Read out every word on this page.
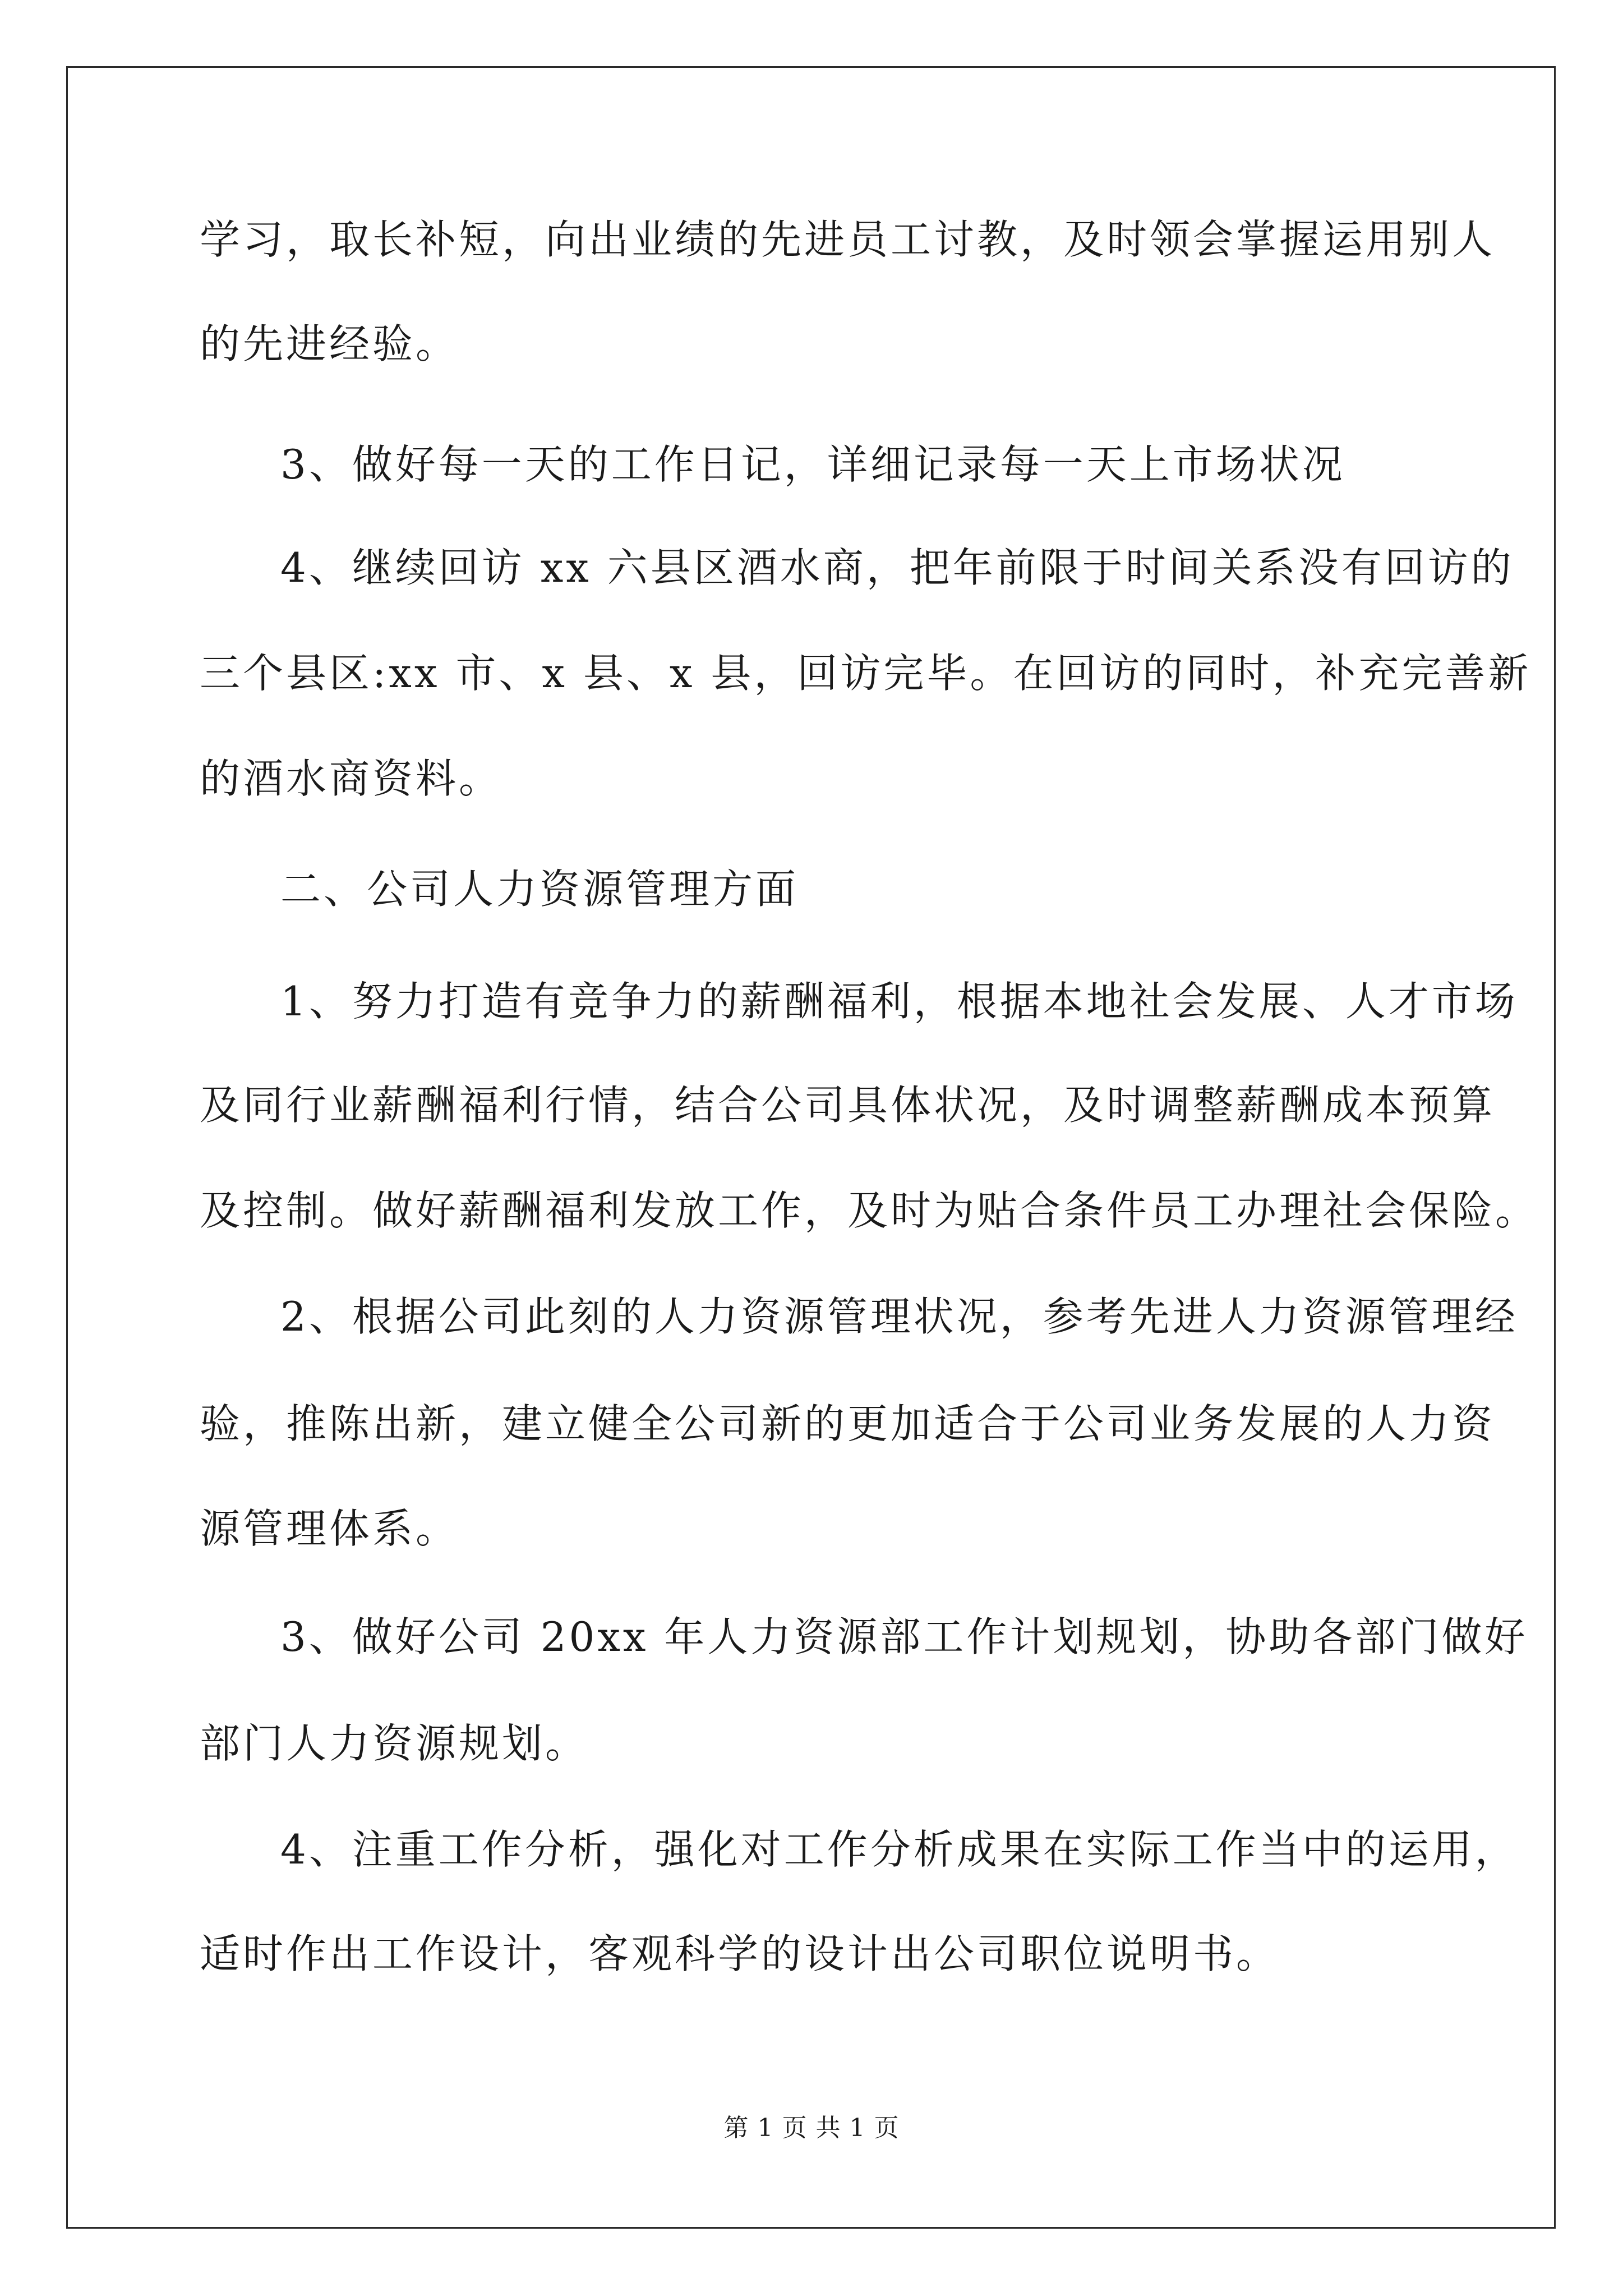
学习，取长补短，向出业绩的先进员工讨教，及时领会掌握运用别人
的先进经验。
3、做好每一天的工作日记，详细记录每一天上市场状况
4、继续回访 xx 六县区酒水商，把年前限于时间关系没有回访的
三个县区:xx 市、x 县、x 县，回访完毕。在回访的同时，补充完善新
的酒水商资料。
二、公司人力资源管理方面
1、努力打造有竞争力的薪酬福利，根据本地社会发展、人才市场
及同行业薪酬福利行情，结合公司具体状况，及时调整薪酬成本预算
及控制。做好薪酬福利发放工作，及时为贴合条件员工办理社会保险。
2、根据公司此刻的人力资源管理状况，参考先进人力资源管理经
验，推陈出新，建立健全公司新的更加适合于公司业务发展的人力资
源管理体系。
3、做好公司 20xx 年人力资源部工作计划规划，协助各部门做好
部门人力资源规划。
4、注重工作分析，强化对工作分析成果在实际工作当中的运用，
适时作出工作设计，客观科学的设计出公司职位说明书。
第 1 页 共 1 页
